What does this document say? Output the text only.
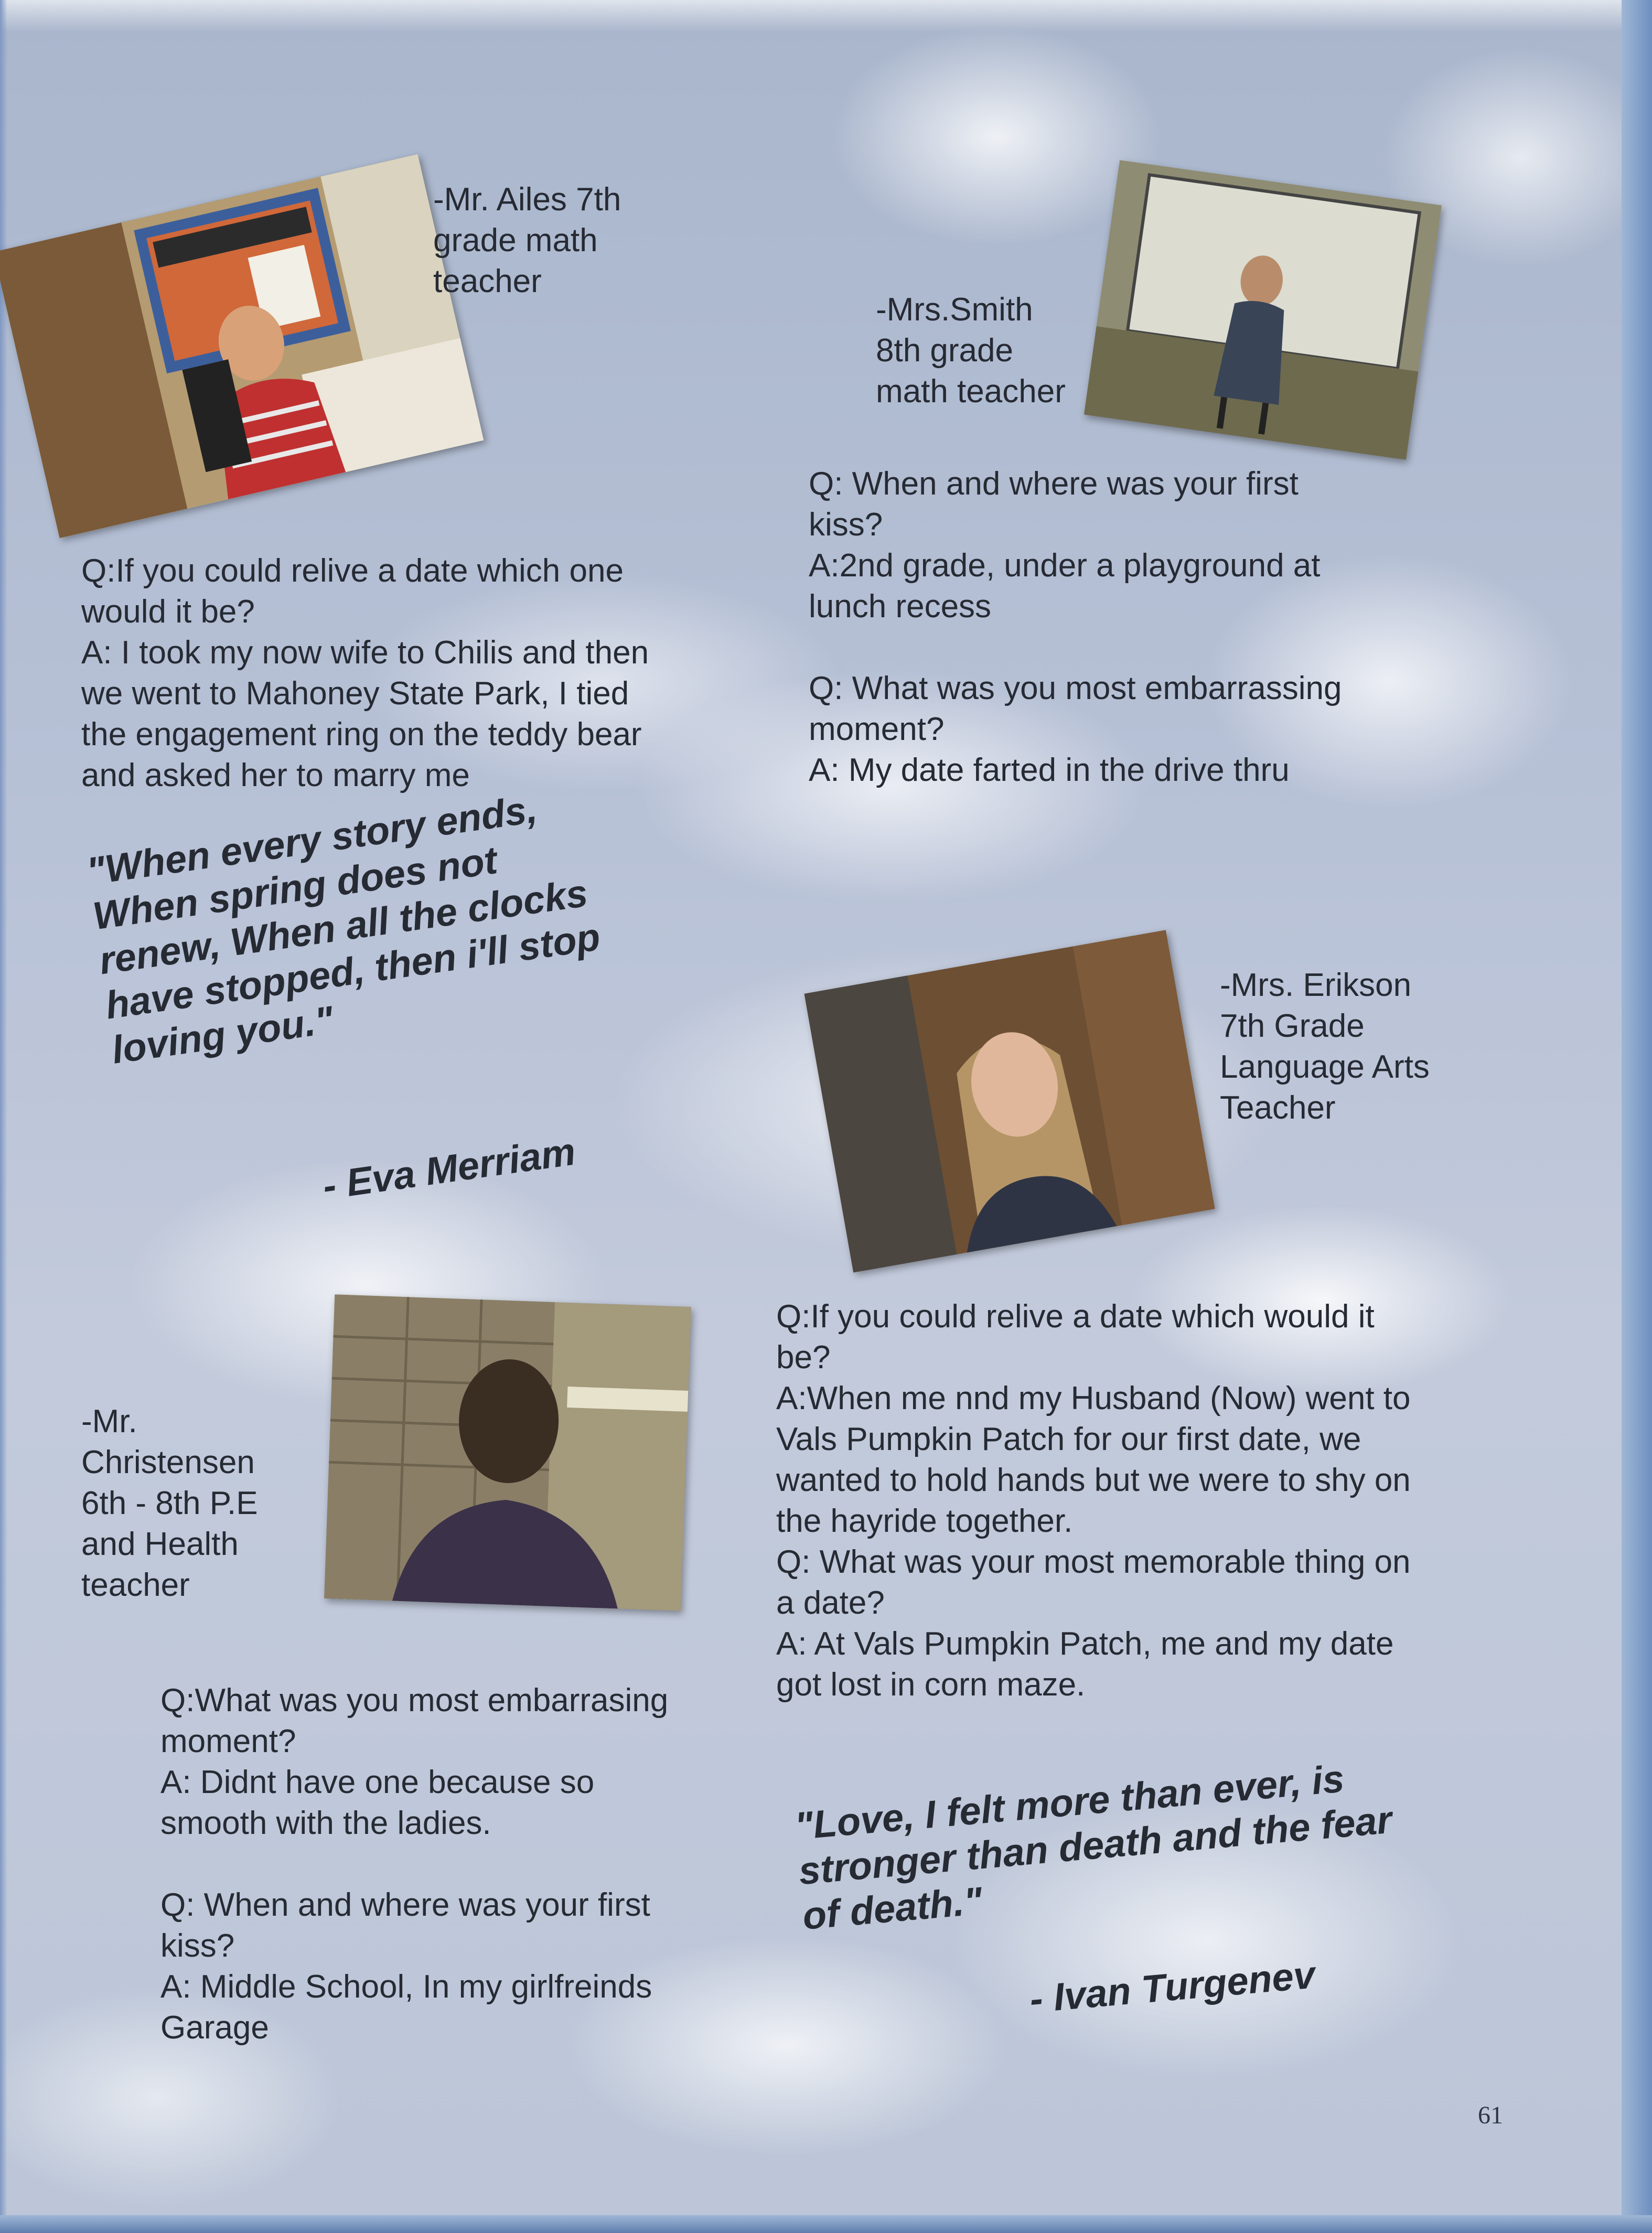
-Mr. Ailes 7th
grade math
teacher
Q:If you could relive a date which one
would it be?
A: I took my now wife to Chilis and then
we went to Mahoney State Park, I tied
the engagement ring on the teddy bear
and asked her to marry me
-Mrs.Smith
8th grade
math teacher
Q: When and where was your first
kiss?
A:2nd grade, under a playground at
lunch recess

Q: What was you most embarrassing
moment?
A: My date farted in the drive thru
"When every story ends,
When spring does not
renew, When all the clocks
have stopped, then i'll stop
loving you."
- Eva Merriam
-Mrs. Erikson
7th Grade
Language Arts
Teacher
Q:If you could relive a date which would it
be?
A:When me nnd my Husband (Now) went to
Vals Pumpkin Patch for our first date, we
wanted to hold hands but we were to shy on
the hayride together.
Q: What was your most memorable thing on
a date?
A: At Vals Pumpkin Patch, me and my date
got lost in corn maze.
-Mr.
Christensen
6th - 8th P.E
and Health
teacher
Q:What was you most embarrasing
moment?
A: Didnt have one because so
smooth with the ladies.

Q: When and where was your first
kiss?
A: Middle School, In my girlfreinds
Garage
"Love, I felt more than ever, is
stronger than death and the fear
of death."
- Ivan Turgenev
61
